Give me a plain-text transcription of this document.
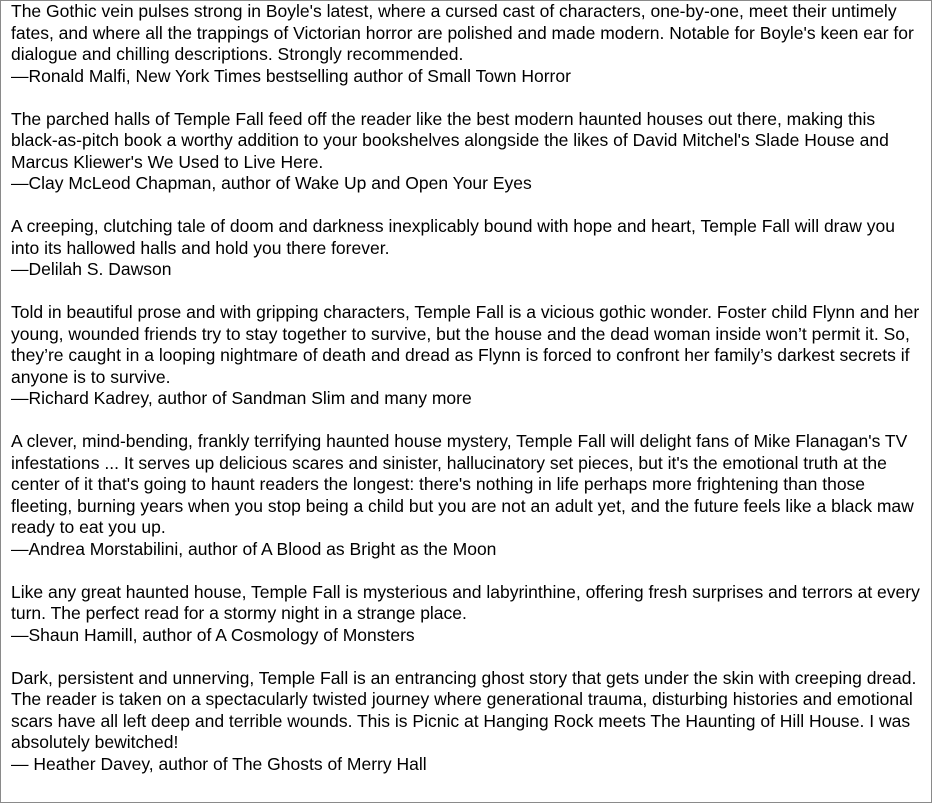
The Gothic vein pulses strong in Boyle's latest, where a cursed cast of characters, one-by-one, meet their untimely fates, and where all the trappings of Victorian horror are polished and made modern. Notable for Boyle's keen ear for dialogue and chilling descriptions. Strongly recommended.

—Ronald Malfi, New York Times bestselling author of Small Town Horror

The parched halls of Temple Fall feed off the reader like the best modern haunted houses out there, making this black-as-pitch book a worthy addition to your bookshelves alongside the likes of David Mitchel's Slade House and Marcus Kliewer's We Used to Live Here.

—Clay McLeod Chapman, author of Wake Up and Open Your Eyes

A creeping, clutching tale of doom and darkness inexplicably bound with hope and heart, Temple Fall will draw you into its hallowed halls and hold you there forever.

—Delilah S. Dawson

Told in beautiful prose and with gripping characters, Temple Fall is a vicious gothic wonder. Foster child Flynn and her young, wounded friends try to stay together to survive, but the house and the dead woman inside won’t permit it. So, they’re caught in a looping nightmare of death and dread as Flynn is forced to confront her family’s darkest secrets if anyone is to survive.

—Richard Kadrey, author of Sandman Slim and many more

A clever, mind-bending, frankly terrifying haunted house mystery, Temple Fall will delight fans of Mike Flanagan's TV infestations ... It serves up delicious scares and sinister, hallucinatory set pieces, but it's the emotional truth at the center of it that's going to haunt readers the longest: there's nothing in life perhaps more frightening than those fleeting, burning years when you stop being a child but you are not an adult yet, and the future feels like a black maw ready to eat you up.

—Andrea Morstabilini, author of A Blood as Bright as the Moon

Like any great haunted house, Temple Fall is mysterious and labyrinthine, offering fresh surprises and terrors at every turn. The perfect read for a stormy night in a strange place.

—Shaun Hamill, author of A Cosmology of Monsters

Dark, persistent and unnerving, Temple Fall is an entrancing ghost story that gets under the skin with creeping dread. The reader is taken on a spectacularly twisted journey where generational trauma, disturbing histories and emotional scars have all left deep and terrible wounds. This is Picnic at Hanging Rock meets The Haunting of Hill House. I was absolutely bewitched!

— Heather Davey, author of The Ghosts of Merry Hall
